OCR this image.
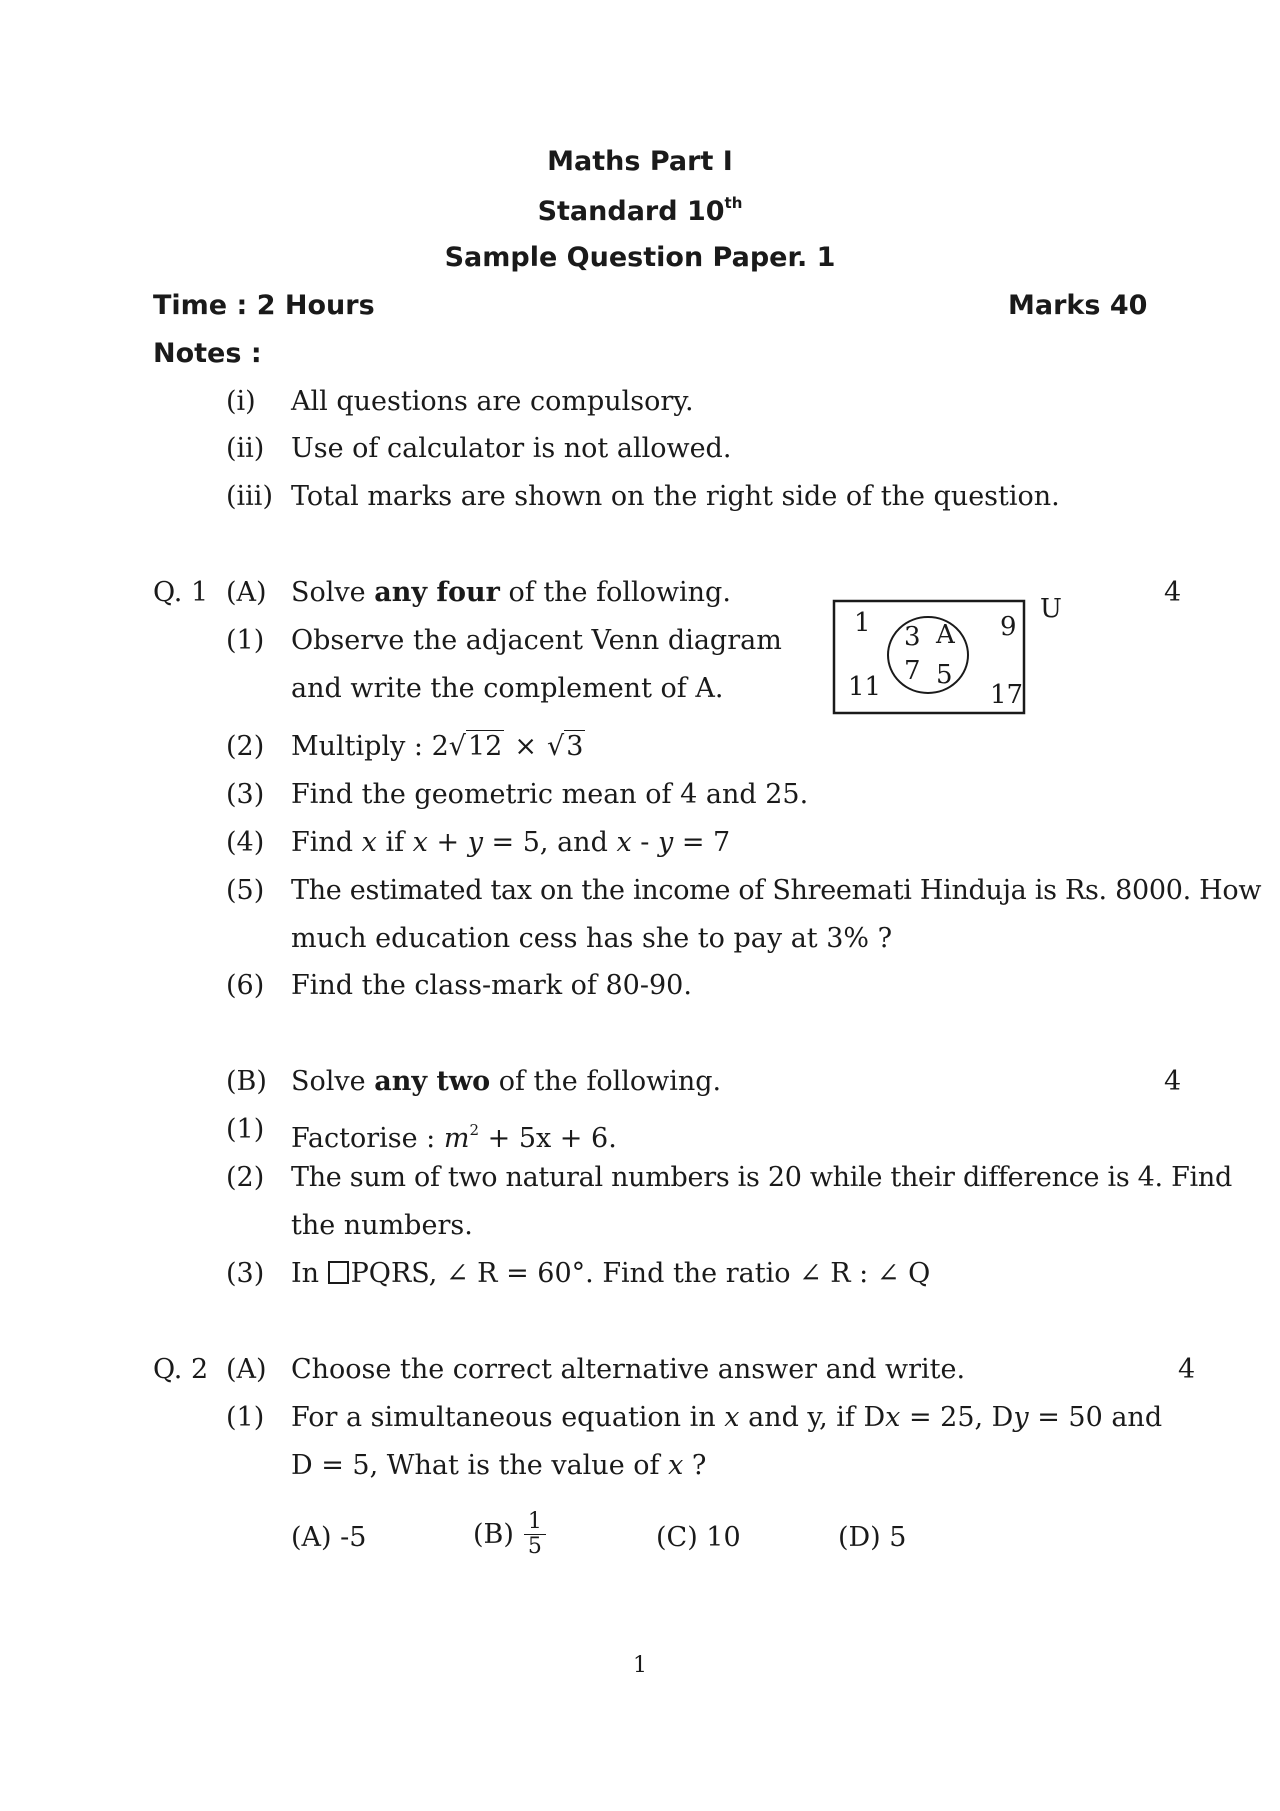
Maths Part I
Standard 10th
Sample Question Paper. 1
Time : 2 Hours	Marks 40
Notes :
(i) All questions are compulsory.
(ii) Use of calculator is not allowed.
(iii) Total marks are shown on the right side of the question.
Q. 1 (A) Solve any four of the following.	4
(1) Observe the adjacent Venn diagram
and write the complement of A.
U
1	9
11	17
A
3
7 5
(2) Multiply : 2√12 × √3
(3) Find the geometric mean of 4 and 25.
(4) Find x if x + y = 5, and x - y = 7
(5) The estimated tax on the income of Shreemati Hinduja is Rs. 8000. How
much education cess has she to pay at 3% ?
(6) Find the class-mark of 80-90.
(B) Solve any two of the following.	4
(1) Factorise : $m^2 + 5x + 6$.
(2) The sum of two natural numbers is 20 while their difference is 4. Find
the numbers.
(3) In PQRS, ∠ R = 60°. Find the ratio ∠ R : ∠ Q
Q. 2 (A) Choose the correct alternative answer and write.	4
(1) For a simultaneous equation in x and y, if Dx = 25, Dy = 50 and
D = 5, What is the value of x ?
(A) -5	$(B) \frac{1}{5}$	(C) 10	(D) 5
1
